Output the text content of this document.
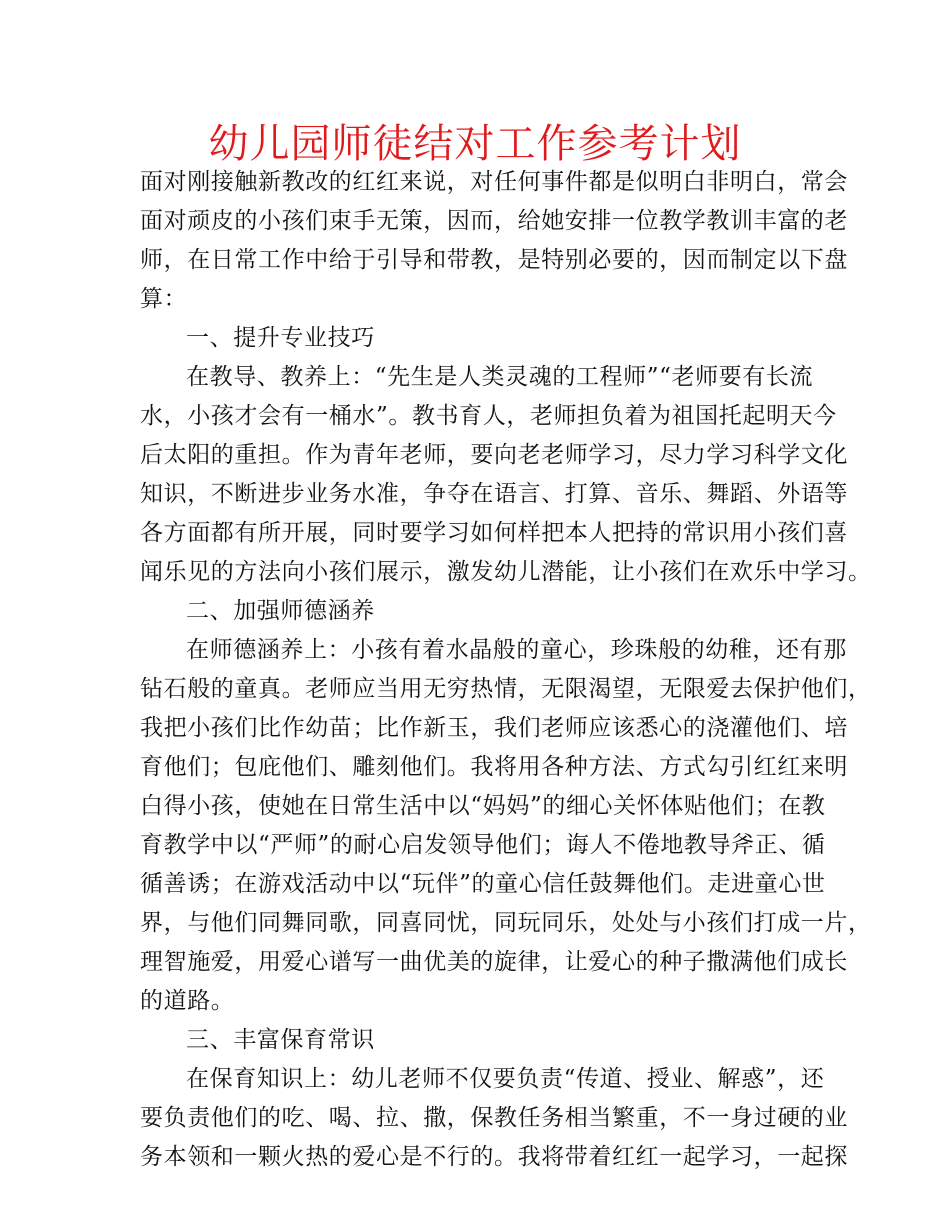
幼儿园师徒结对工作参考计划
面对刚接触新教改的红红来说，对任何事件都是似明白非明白，常会
面对顽皮的小孩们束手无策，因而，给她安排一位教学教训丰富的老
师，在日常工作中给于引导和带教，是特别必要的，因而制定以下盘
算：
一、提升专业技巧
在教导、教养上：“先生是人类灵魂的工程师”“老师要有长流
水，小孩才会有一桶水”。教书育人，老师担负着为祖国托起明天今
后太阳的重担。作为青年老师，要向老老师学习，尽力学习科学文化
知识，不断进步业务水准，争夺在语言、打算、音乐、舞蹈、外语等
各方面都有所开展，同时要学习如何样把本人把持的常识用小孩们喜
闻乐见的方法向小孩们展示，激发幼儿潜能，让小孩们在欢乐中学习。
二、加强师德涵养
在师德涵养上：小孩有着水晶般的童心，珍珠般的幼稚，还有那
钻石般的童真。老师应当用无穷热情，无限渴望，无限爱去保护他们，
我把小孩们比作幼苗；比作新玉，我们老师应该悉心的浇灌他们、培
育他们；包庇他们、雕刻他们。我将用各种方法、方式勾引红红来明
白得小孩，使她在日常生活中以“妈妈”的细心关怀体贴他们；在教
育教学中以“严师”的耐心启发领导他们；诲人不倦地教导斧正、循
循善诱；在游戏活动中以“玩伴”的童心信任鼓舞他们。走进童心世
界，与他们同舞同歌，同喜同忧，同玩同乐，处处与小孩们打成一片，
理智施爱，用爱心谱写一曲优美的旋律，让爱心的种子撒满他们成长
的道路。
三、丰富保育常识
在保育知识上：幼儿老师不仅要负责“传道、授业、解惑”，还
要负责他们的吃、喝、拉、撒，保教任务相当繁重，不一身过硬的业
务本领和一颗火热的爱心是不行的。我将带着红红一起学习，一起探
